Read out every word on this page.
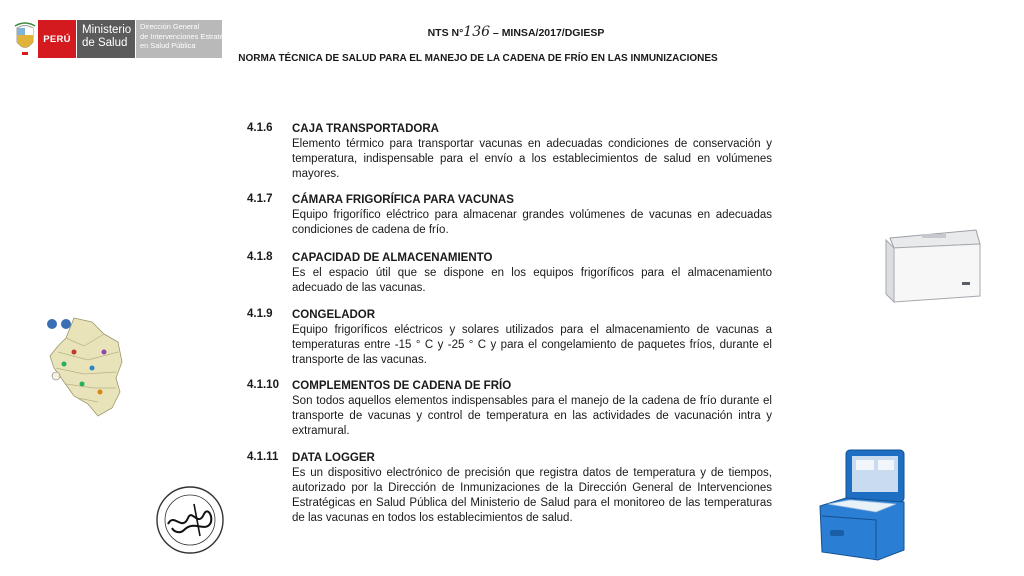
PERÚ
Ministerio
de Salud
Dirección General
de Intervenciones Estratégicas
en Salud Pública
NTS N°136 – MINSA/2017/DGIESP
NORMA TÉCNICA DE SALUD PARA EL MANEJO DE LA CADENA DE FRÍO EN LAS INMUNIZACIONES
4.1.6 CAJA TRANSPORTADORA
Elemento térmico para transportar vacunas en adecuadas condiciones de conservación y temperatura, indispensable para el envío a los establecimientos de salud en volúmenes mayores.
4.1.7 CÁMARA FRIGORÍFICA PARA VACUNAS
Equipo frigorífico eléctrico para almacenar grandes volúmenes de vacunas en adecuadas condiciones de cadena de frío.
4.1.8 CAPACIDAD DE ALMACENAMIENTO
Es el espacio útil que se dispone en los equipos frigoríficos para el almacenamiento adecuado de las vacunas.
4.1.9 CONGELADOR
Equipo frigoríficos eléctricos y solares utilizados para el almacenamiento de vacunas a temperaturas entre -15 ° C y -25 ° C y para el congelamiento de paquetes fríos, durante el transporte de las vacunas.
4.1.10 COMPLEMENTOS DE CADENA DE FRÍO
Son todos aquellos elementos indispensables para el manejo de la cadena de frío durante el transporte de vacunas y control de temperatura en las actividades de vacunación intra y extramural.
4.1.11 DATA LOGGER
Es un dispositivo electrónico de precisión que registra datos de temperatura y de tiempos, autorizado por la Dirección de Inmunizaciones de la Dirección General de Intervenciones Estratégicas en Salud Pública del Ministerio de Salud para el monitoreo de las temperaturas de las vacunas en todos los establecimientos de salud.
